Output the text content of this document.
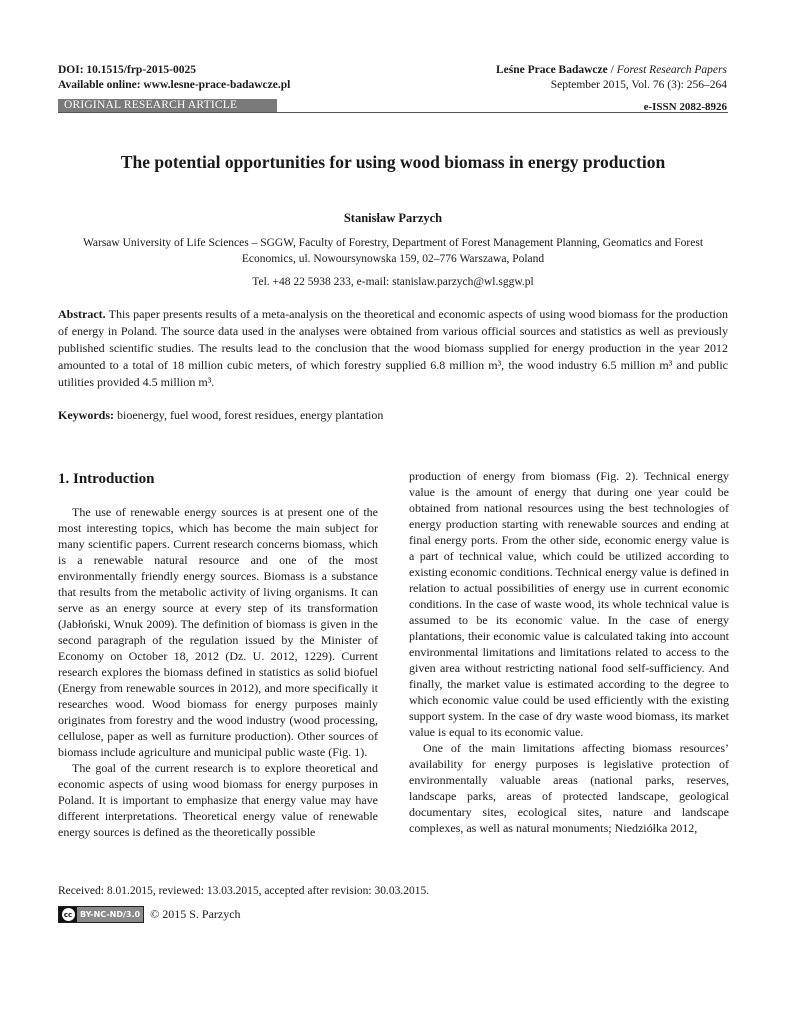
DOI: 10.1515/frp-2015-0025
Available online: www.lesne-prace-badawcze.pl
Leśne Prace Badawcze / Forest Research Papers
September 2015, Vol. 76 (3): 256–264
ORIGINAL RESEARCH ARTICLE	e-ISSN 2082-8926
The potential opportunities for using wood biomass in energy production
Stanisław Parzych
Warsaw University of Life Sciences – SGGW, Faculty of Forestry, Department of Forest Management Planning, Geomatics and Forest
Economics, ul. Nowoursynowska 159, 02–776 Warszawa, Poland
Tel. +48 22 5938 233, e-mail: stanislaw.parzych@wl.sggw.pl
Abstract. This paper presents results of a meta-analysis on the theoretical and economic aspects of using wood biomass for the production of energy in Poland. The source data used in the analyses were obtained from various official sources and statistics as well as previously published scientific studies. The results lead to the conclusion that the wood biomass supplied for energy production in the year 2012 amounted to a total of 18 million cubic meters, of which forestry supplied 6.8 million m³, the wood industry 6.5 million m³ and public utilities provided 4.5 million m³.
Keywords: bioenergy, fuel wood, forest residues, energy plantation
1. Introduction

The use of renewable energy sources is at present one of the most interesting topics, which has become the main subject for many scientific papers. Current research concerns biomass, which is a renewable natural resource and one of the most environmentally friendly energy sources. Biomass is a substance that results from the metabolic activity of living organisms. It can serve as an energy source at every step of its transformation (Jabłoński, Wnuk 2009). The definition of biomass is given in the second paragraph of the regulation issued by the Minister of Economy on October 18, 2012 (Dz. U. 2012, 1229). Current research explores the biomass defined in statistics as solid biofuel (Energy from renewable sources in 2012), and more specifically it researches wood. Wood biomass for energy purposes mainly originates from forestry and the wood industry (wood processing, cellulose, paper as well as furniture production). Other sources of biomass include agriculture and municipal public waste (Fig. 1).

The goal of the current research is to explore theoretical and economic aspects of using wood biomass for energy purposes in Poland. It is important to emphasize that energy value may have different interpretations. Theoretical energy value of renewable energy sources is defined as the theoretically possible

production of energy from biomass (Fig. 2). Technical energy value is the amount of energy that during one year could be obtained from national resources using the best technologies of energy production starting with renewable sources and ending at final energy ports. From the other side, economic energy value is a part of technical value, which could be utilized according to existing economic conditions. Technical energy value is defined in relation to actual possibilities of energy use in current economic conditions. In the case of waste wood, its whole technical value is assumed to be its economic value. In the case of energy plantations, their economic value is calculated taking into account environmental limitations and limitations related to access to the given area without restricting national food self-sufficiency. And finally, the market value is estimated according to the degree to which economic value could be used efficiently with the existing support system. In the case of dry waste wood biomass, its market value is equal to its economic value.

One of the main limitations affecting biomass resources’ availability for energy purposes is legislative protection of environmentally valuable areas (national parks, reserves, landscape parks, areas of protected landscape, geological documentary sites, ecological sites, nature and landscape complexes, as well as natural monuments; Niedziółka 2012,

Received: 8.01.2015, reviewed: 13.03.2015, accepted after revision: 30.03.2015.
cc BY-NC-ND/3.0 © 2015 S. Parzych
